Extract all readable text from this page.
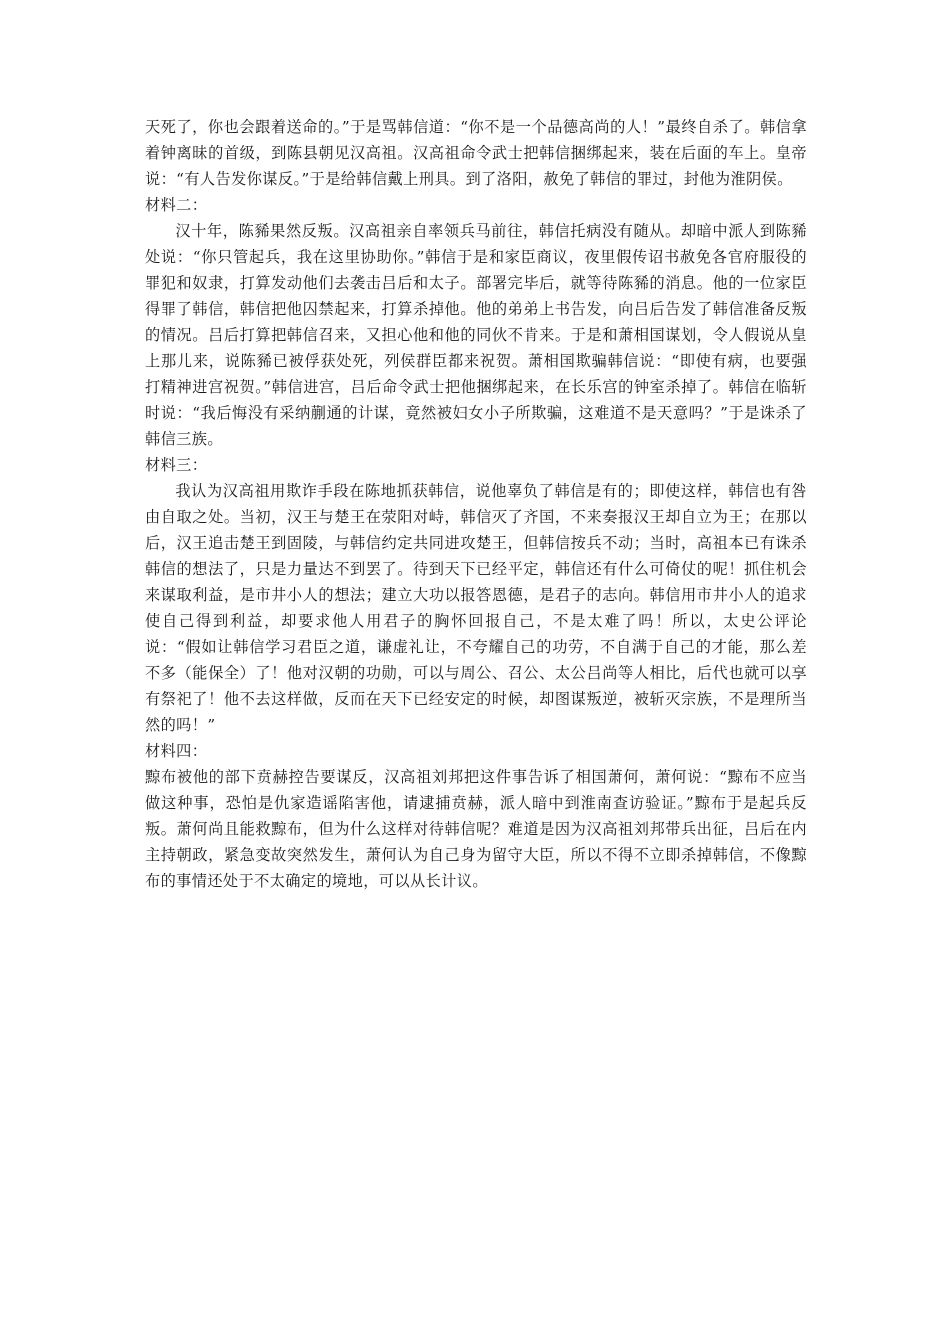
天死了，你也会跟着送命的。”于是骂韩信道：“你不是一个品德高尚的人！”最终自杀了。韩信拿着钟离昧的首级，到陈县朝见汉高祖。汉高祖命令武士把韩信捆绑起来，装在后面的车上。皇帝说：“有人告发你谋反。”于是给韩信戴上刑具。到了洛阳，赦免了韩信的罪过，封他为淮阴侯。

材料二：

汉十年，陈豨果然反叛。汉高祖亲自率领兵马前往，韩信托病没有随从。却暗中派人到陈豨处说：“你只管起兵，我在这里协助你。”韩信于是和家臣商议，夜里假传诏书赦免各官府服役的罪犯和奴隶，打算发动他们去袭击吕后和太子。部署完毕后，就等待陈豨的消息。他的一位家臣得罪了韩信，韩信把他囚禁起来，打算杀掉他。他的弟弟上书告发，向吕后告发了韩信准备反叛的情况。吕后打算把韩信召来，又担心他和他的同伙不肯来。于是和萧相国谋划，令人假说从皇上那儿来，说陈豨已被俘获处死，列侯群臣都来祝贺。萧相国欺骗韩信说：“即使有病，也要强打精神进宫祝贺。”韩信进宫，吕后命令武士把他捆绑起来，在长乐宫的钟室杀掉了。韩信在临斩时说：“我后悔没有采纳蒯通的计谋，竟然被妇女小子所欺骗，这难道不是天意吗？”于是诛杀了韩信三族。

材料三：

我认为汉高祖用欺诈手段在陈地抓获韩信，说他辜负了韩信是有的；即使这样，韩信也有咎由自取之处。当初，汉王与楚王在荥阳对峙，韩信灭了齐国，不来奏报汉王却自立为王；在那以后，汉王追击楚王到固陵，与韩信约定共同进攻楚王，但韩信按兵不动；当时，高祖本已有诛杀韩信的想法了，只是力量达不到罢了。待到天下已经平定，韩信还有什么可倚仗的呢！抓住机会来谋取利益，是市井小人的想法；建立大功以报答恩德，是君子的志向。韩信用市井小人的追求使自己得到利益，却要求他人用君子的胸怀回报自己，不是太难了吗！所以，太史公评论说：“假如让韩信学习君臣之道，谦虚礼让，不夸耀自己的功劳，不自满于自己的才能，那么差不多（能保全）了！他对汉朝的功勋，可以与周公、召公、太公吕尚等人相比，后代也就可以享有祭祀了！他不去这样做，反而在天下已经安定的时候，却图谋叛逆，被斩灭宗族，不是理所当然的吗！”

材料四：

黥布被他的部下贲赫控告要谋反，汉高祖刘邦把这件事告诉了相国萧何，萧何说：“黥布不应当做这种事，恐怕是仇家造谣陷害他，请逮捕贲赫，派人暗中到淮南查访验证。”黥布于是起兵反叛。萧何尚且能救黥布，但为什么这样对待韩信呢？难道是因为汉高祖刘邦带兵出征，吕后在内主持朝政，紧急变故突然发生，萧何认为自己身为留守大臣，所以不得不立即杀掉韩信，不像黥布的事情还处于不太确定的境地，可以从长计议。
